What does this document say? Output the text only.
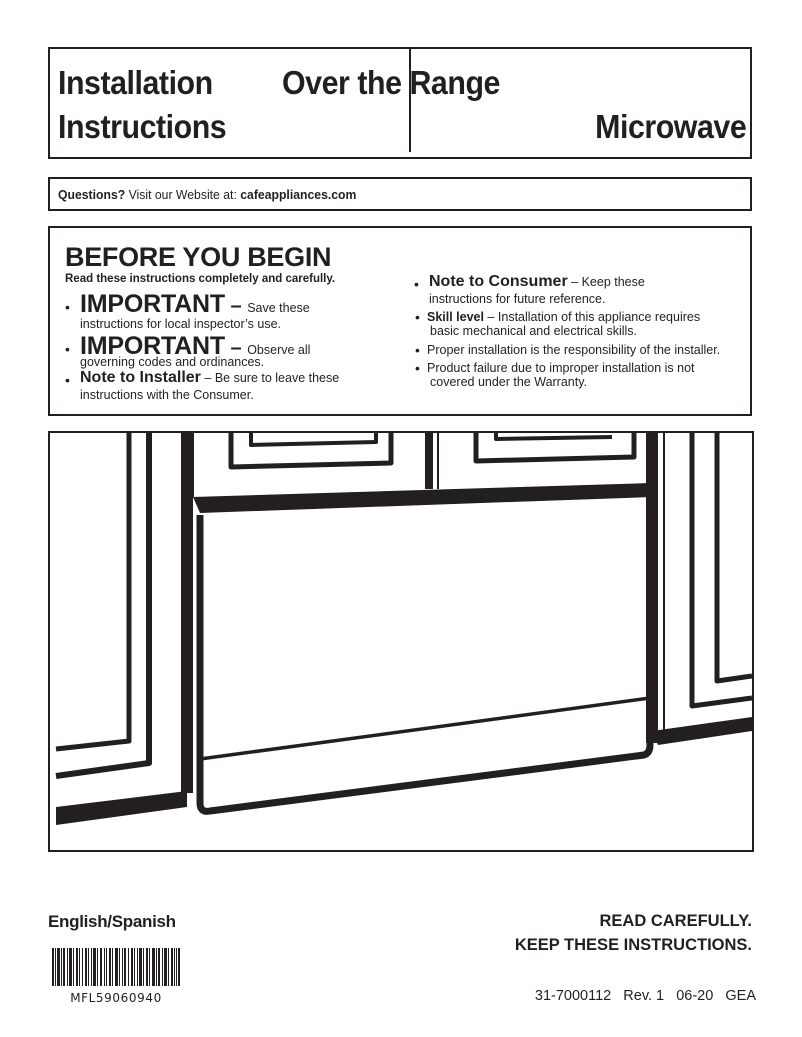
Installation
Instructions
Over the Range
Microwave
Questions? Visit our Website at: cafeappliances.com
BEFORE YOU BEGIN
Read these instructions completely and carefully.
• IMPORTANT – Save these
instructions for local inspector’s use.
• IMPORTANT – Observe all
governing codes and ordinances.
• Note to Installer – Be sure to leave these
instructions with the Consumer.
• Note to Consumer – Keep these
instructions for future reference.
• Skill level – Installation of this appliance requires
basic mechanical and electrical skills.
• Proper installation is the responsibility of the installer.
• Product failure due to improper installation is not
covered under the Warranty.
English/Spanish	READ CAREFULLY.
KEEP THESE INSTRUCTIONS.
MFL59060940	31-7000112   Rev. 1   06-20   GEA
